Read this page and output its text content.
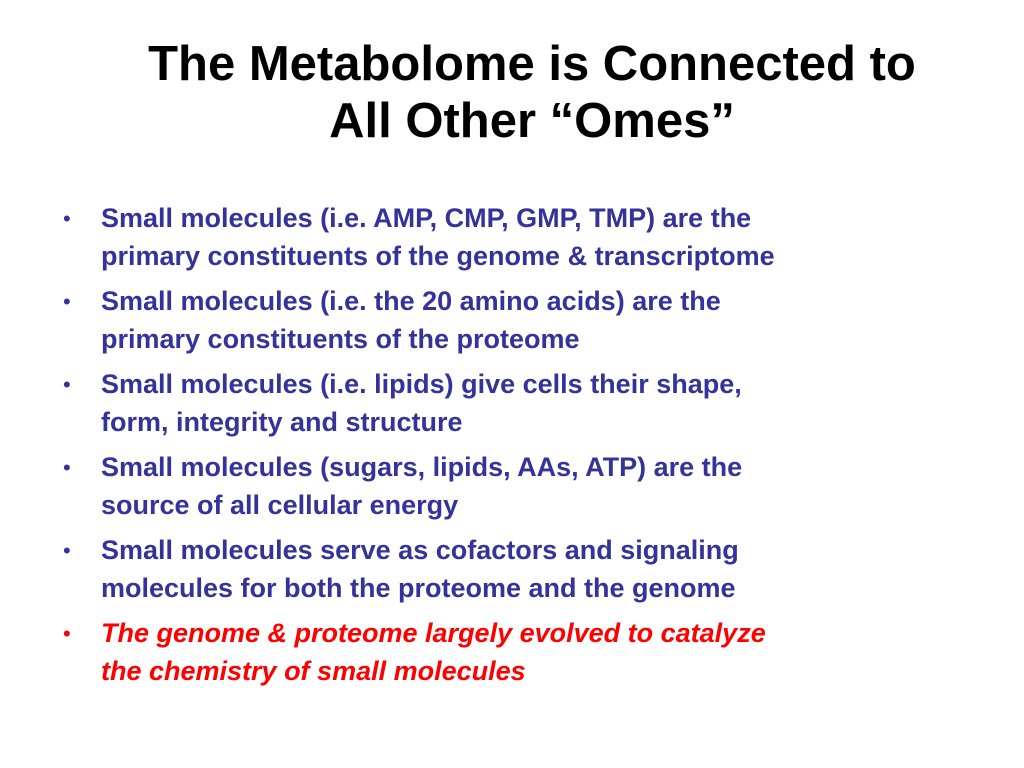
The Metabolome is Connected to
All Other “Omes”
• Small molecules (i.e. AMP, CMP, GMP, TMP) are the
primary constituents of the genome & transcriptome
• Small molecules (i.e. the 20 amino acids) are the
primary constituents of the proteome
• Small molecules (i.e. lipids) give cells their shape,
form, integrity and structure
• Small molecules (sugars, lipids, AAs, ATP) are the
source of all cellular energy
• Small molecules serve as cofactors and signaling
molecules for both the proteome and the genome
• The genome & proteome largely evolved to catalyze
the chemistry of small molecules
